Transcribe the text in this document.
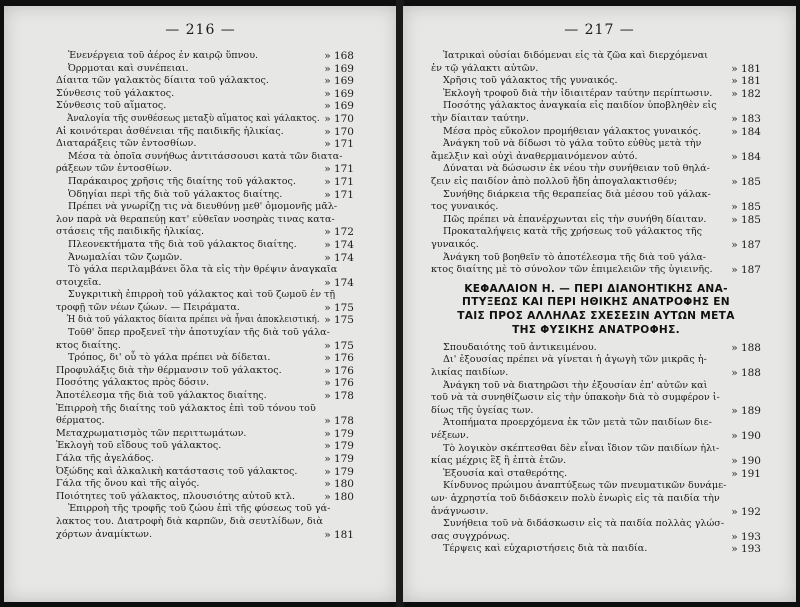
— 216 —
Ἐνενέργεια τοῦ ἀέρος ἐν καιρῷ ὕπνου.	» 168
Ὀρρμοται καὶ συνέπειαι.	» 169
Δίαιτα τῶν γαλακτὸς δίαιτα τοῦ γάλακτος.	» 169
Σύνθεσις τοῦ γάλακτος.	» 169
Σύνθεσις τοῦ αἵματος.	» 169
Ἀναλογία τῆς συνθέσεως μεταξὺ αἵματος καὶ γάλακτος. » 170
Αἱ κοινότεραι ἀσθένειαι τῆς παιδικῆς ἡλικίας.	» 170
Διαταράξεις τῶν ἐντοσθίων.	» 171
Μέσα τὰ ὁποῖα συνήθως ἀντιτάσσουσι κατὰ τῶν διατα-
ράξεων τῶν ἐντοσθίων.	» 171
Παράκαιρος χρῆσις τῆς διαίτης τοῦ γάλακτος.	» 171
Ὁδηγίαι περὶ τῆς διὰ τοῦ γάλακτος διαίτης.	» 171
Πρέπει νὰ γνωρίζῃ τις νὰ διευθύνῃ μεθ' ὁμομονῆς μᾶλ-
λον παρὰ νὰ θεραπεύῃ κατ' εὐθεῖαν νοσηρὰς τινας κατα-
στάσεις τῆς παιδικῆς ἡλικίας.	» 172
Πλεονεκτήματα τῆς διὰ τοῦ γάλακτος διαίτης.	» 174
Ἀνωμαλίαι τῶν ζωμῶν.	» 174
Τὸ γάλα περιλαμβάνει ὅλα τὰ εἰς τὴν θρέψιν ἀναγκαῖα
στοιχεῖα.	» 174
Συγκριτικὴ ἐπιρροὴ τοῦ γάλακτος καὶ τοῦ ζωμοῦ ἐν τῇ
τροφῇ τῶν νέων ζώων. — Πειράματα.	» 175
Ἡ διὰ τοῦ γάλακτος δίαιτα πρέπει νὰ ἦναι ἀποκλειστική. » 175
Τοῦθ' ὅπερ προξενεῖ τὴν ἀποτυχίαν τῆς διὰ τοῦ γάλα-
κτος διαίτης.	» 175
Τρόπος, δι' οὗ τὸ γάλα πρέπει νὰ δίδεται.	» 176
Προφυλάξις διὰ τὴν θέρμανσιν τοῦ γάλακτος.	» 176
Ποσότης γάλακτος πρὸς δόσιν.	» 176
Ἀποτέλεσμα τῆς διὰ τοῦ γάλακτος διαίτης.	» 178
Ἐπιρροὴ τῆς διαίτης τοῦ γάλακτος ἐπὶ τοῦ τόνου τοῦ
θέρματος.	» 178
Μεταχρωματισμὸς τῶν περιττωμάτων.	» 179
Ἐκλογὴ τοῦ εἴδους τοῦ γάλακτος.	» 179
Γάλα τῆς ἀγελάδος.	» 179
Ὀξώδης καὶ ἀλκαλικὴ κατάστασις τοῦ γάλακτος.	» 179
Γάλα τῆς ὄνου καὶ τῆς αἰγός.	» 180
Ποιότητες τοῦ γάλακτος, πλουσιότης αὐτοῦ κτλ.	» 180
Ἐπιρροὴ τῆς τροφῆς τοῦ ζώου ἐπὶ τῆς φύσεως τοῦ γά-
λακτος του. Διατροφὴ διὰ καρπῶν, διὰ σευτλίδων, διὰ
χόρτων ἀναμίκτων.	» 181
— 217 —
Ἰατρικαὶ οὐσίαι διδόμεναι εἰς τὰ ζῶα καὶ διερχόμεναι
ἐν τῷ γάλακτι αὐτῶν.	» 181
Χρῆσις τοῦ γάλακτος τῆς γυναικός.	» 181
Ἐκλογὴ τροφοῦ διὰ τὴν ἰδιαιτέραν ταύτην περίπτωσιν. » 182
Ποσότης γάλακτος ἀναγκαία εἰς παιδίον ὑποβληθὲν εἰς
τὴν δίαιταν ταύτην.	» 183
Μέσα πρὸς εὔκολον προμήθειαν γάλακτος γυναικός.	» 184
Ἀνάγκη τοῦ νὰ δίδωσι τὸ γάλα τοῦτο εὐθὺς μετὰ τὴν
ἄμελξιν καὶ οὐχὶ ἀναθερμαινόμενον αὐτό.	» 184
Δύναται νὰ δώσωσιν ἐκ νέου τὴν συνήθειαν τοῦ θηλά-
ζειν εἰς παιδίον ἀπὸ πολλοῦ ἤδη ἀπογαλακτισθέν;	» 185
Συνήθης διάρκεια τῆς θεραπείας διὰ μέσου τοῦ γάλακ-
τος γυναικός.	» 185
Πῶς πρέπει νὰ ἐπανέρχωνται εἰς τὴν συνήθη δίαιταν. » 185
Προκαταλήψεις κατὰ τῆς χρήσεως τοῦ γάλακτος τῆς
γυναικός.	» 187
Ἀνάγκη τοῦ βοηθεῖν τὸ ἀποτέλεσμα τῆς διὰ τοῦ γάλα-
κτος διαίτης μὲ τὸ σύνολον τῶν ἐπιμελειῶν τῆς ὑγιεινῆς. » 187
ΚΕΦΑΛΑΙΟΝ Η. — ΠΕΡΙ ΔΙΑΝΟΗΤΙΚΗΣ ΑΝΑ-
ΠΤΥΞΕΩΣ ΚΑΙ ΠΕΡΙ ΗΘΙΚΗΣ ΑΝΑΤΡΟΦΗΣ ΕΝ
ΤΑΙΣ ΠΡΟΣ ΑΛΛΗΛΑΣ ΣΧΕΣΕΣΙΝ ΑΥΤΩΝ ΜΕΤΑ
ΤΗΣ ΦΥΣΙΚΗΣ ΑΝΑΤΡΟΦΗΣ.
Σπουδαιότης τοῦ ἀντικειμένου.	» 188
Δι' ἐξουσίας πρέπει νὰ γίνεται ἡ ἀγωγὴ τῶν μικρᾶς ἡ-
λικίας παιδίων.	» 188
Ἀνάγκη τοῦ νὰ διατηρῶσι τὴν ἐξουσίαν ἐπ' αὐτῶν καὶ
τοῦ νὰ τὰ συνηθίζωσιν εἰς τὴν ὑπακοὴν διὰ τὸ συμφέρον ἰ-
δίως τῆς ὑγείας των.	» 189
Ἀτοπήματα προερχόμενα ἐκ τῶν μετὰ τῶν παιδίων διε-
νέξεων.	» 190
Τὸ λογικὸν σκέπτεσθαι δὲν εἶναι ἴδιον τῶν παιδίων ἡλι-
κίας μέχρις ἓξ ἢ ἑπτὰ ἐτῶν.	» 190
Ἐξουσία καὶ σταθερότης.	» 191
Κίνδυνος πρώιμου ἀναπτύξεως τῶν πνευματικῶν δυνάμε-
ων· ἀχρηστία τοῦ διδάσκειν πολὺ ἐνωρὶς εἰς τὰ παιδία τὴν
ἀνάγνωσιν.	» 192
Συνήθεια τοῦ νὰ διδάσκωσιν εἰς τὰ παιδία πολλὰς γλώσ-
σας συγχρόνως.	» 193
Τέρψεις καὶ εὐχαριστήσεις διὰ τὰ παιδία.	» 193
